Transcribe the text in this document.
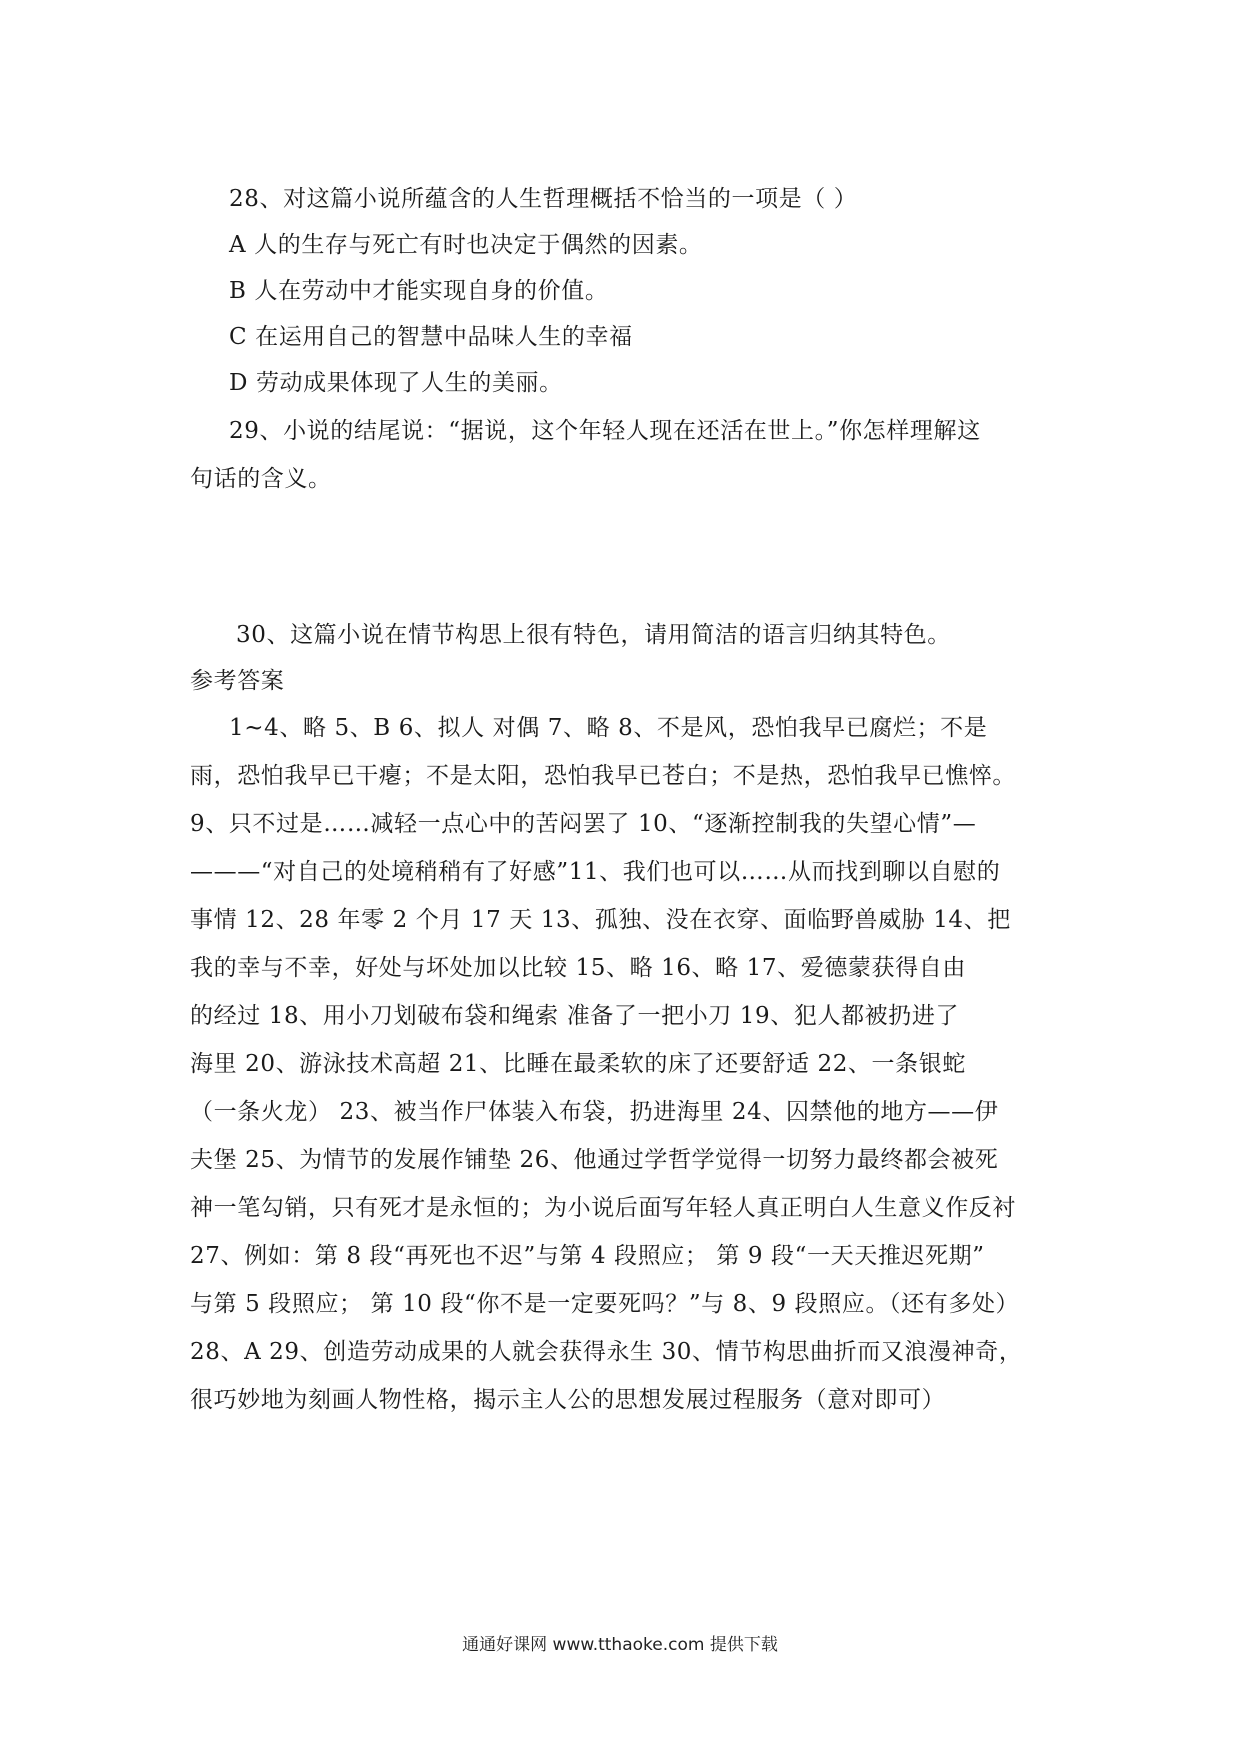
28、对这篇小说所蕴含的人生哲理概括不恰当的一项是（ ）
A 人的生存与死亡有时也决定于偶然的因素。
B 人在劳动中才能实现自身的价值。
C 在运用自己的智慧中品味人生的幸福
D 劳动成果体现了人生的美丽。
29、小说的结尾说：“据说，这个年轻人现在还活在世上。”你怎样理解这
句话的含义。
30、这篇小说在情节构思上很有特色，请用简洁的语言归纳其特色。
参考答案
1~4、略 5、B 6、拟人 对偶 7、略 8、不是风，恐怕我早已腐烂；不是
雨，恐怕我早已干瘪；不是太阳，恐怕我早已苍白；不是热，恐怕我早已憔悴。
9、只不过是……减轻一点心中的苦闷罢了 10、“逐渐控制我的失望心情”—
———“对自己的处境稍稍有了好感”11、我们也可以……从而找到聊以自慰的
事情 12、28 年零 2 个月 17 天 13、孤独、没在衣穿、面临野兽威胁 14、把
我的幸与不幸，好处与坏处加以比较 15、略 16、略 17、爱德蒙获得自由
的经过 18、用小刀划破布袋和绳索 准备了一把小刀 19、犯人都被扔进了
海里 20、游泳技术高超 21、比睡在最柔软的床了还要舒适 22、一条银蛇
（一条火龙） 23、被当作尸体装入布袋，扔进海里 24、囚禁他的地方——伊
夫堡 25、为情节的发展作铺垫 26、他通过学哲学觉得一切努力最终都会被死
神一笔勾销，只有死才是永恒的；为小说后面写年轻人真正明白人生意义作反衬
27、例如：第 8 段“再死也不迟”与第 4 段照应； 第 9 段“一天天推迟死期”
与第 5 段照应； 第 10 段“你不是一定要死吗？”与 8、9 段照应。（还有多处）
28、A 29、创造劳动成果的人就会获得永生 30、情节构思曲折而又浪漫神奇，
很巧妙地为刻画人物性格，揭示主人公的思想发展过程服务（意对即可）
通通好课网 www.tthaoke.com 提供下载
